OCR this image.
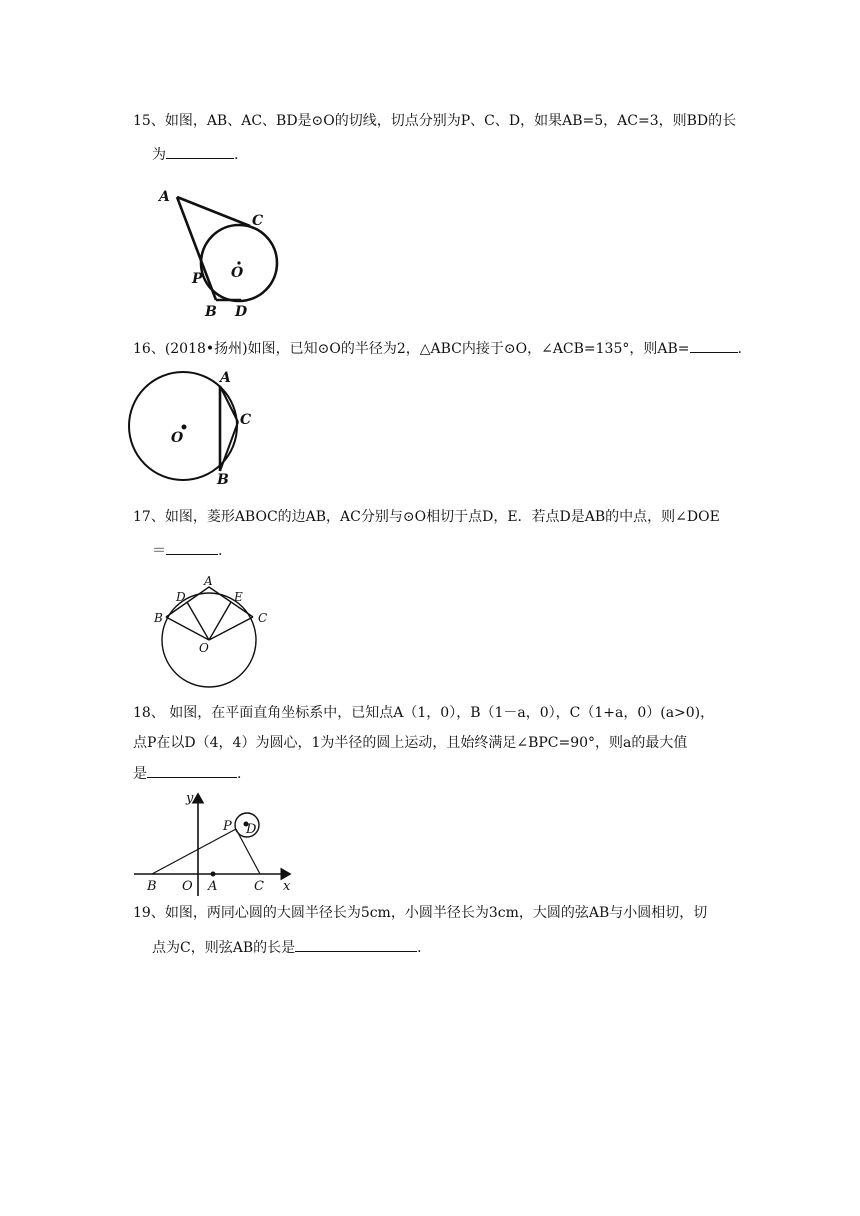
15、如图，AB、AC、BD是⊙O的切线，切点分别为P、C、D，如果AB=5，AC=3，则BD的长
为	.
A
C
P O
B D
16、(2018•扬州)如图，已知⊙O的半径为2，△ABC内接于⊙O，∠ACB=135°，则AB=	.
A
C
O
B
17、如图，菱形ABOC的边AB，AC分别与⊙O相切于点D，E．若点D是AB的中点，则∠DOE
＝	.
A
D	E
B	C
O
18、 如图，在平面直角坐标系中，已知点A（1，0），B（1－a，0），C（1+a，0）(a>0)，
点P在以D（4，4）为圆心，1为半径的圆上运动，且始终满足∠BPC=90°，则a的最大值
是	.
y
x
P D
B O A	C
19、如图，两同心圆的大圆半径长为5cm，小圆半径长为3cm，大圆的弦AB与小圆相切，切
点为C，则弦AB的长是	.
